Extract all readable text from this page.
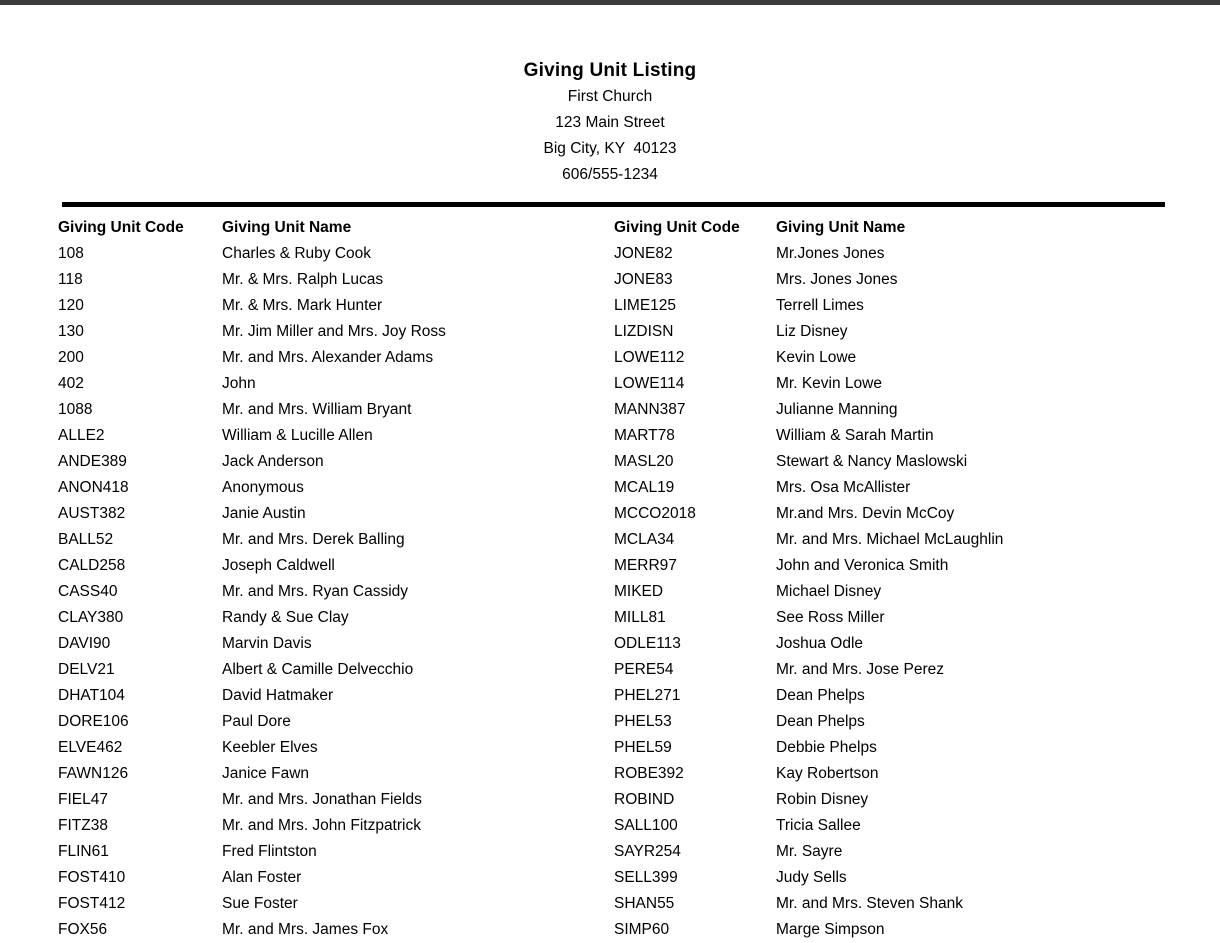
Giving Unit Listing
First Church
123 Main Street
Big City, KY  40123
606/555-1234
Giving Unit Code	Giving Unit Name
108	Charles & Ruby Cook
118	Mr. & Mrs. Ralph Lucas
120	Mr. & Mrs. Mark Hunter
130	Mr. Jim Miller and Mrs. Joy Ross
200	Mr. and Mrs. Alexander Adams
402	John
1088	Mr. and Mrs. William Bryant
ALLE2	William & Lucille Allen
ANDE389	Jack Anderson
ANON418	Anonymous
AUST382	Janie Austin
BALL52	Mr. and Mrs. Derek Balling
CALD258	Joseph Caldwell
CASS40	Mr. and Mrs. Ryan Cassidy
CLAY380	Randy & Sue Clay
DAVI90	Marvin Davis
DELV21	Albert & Camille Delvecchio
DHAT104	David Hatmaker
DORE106	Paul Dore
ELVE462	Keebler Elves
FAWN126	Janice Fawn
FIEL47	Mr. and Mrs. Jonathan Fields
FITZ38	Mr. and Mrs. John Fitzpatrick
FLIN61	Fred Flintston
FOST410	Alan Foster
FOST412	Sue Foster
FOX56	Mr. and Mrs. James Fox
Giving Unit Code	Giving Unit Name
JONE82	Mr.Jones Jones
JONE83	Mrs. Jones Jones
LIME125	Terrell Limes
LIZDISN	Liz Disney
LOWE112	Kevin Lowe
LOWE114	Mr. Kevin Lowe
MANN387	Julianne Manning
MART78	William & Sarah Martin
MASL20	Stewart & Nancy Maslowski
MCAL19	Mrs. Osa McAllister
MCCO2018	Mr.and Mrs. Devin McCoy
MCLA34	Mr. and Mrs. Michael McLaughlin
MERR97	John and Veronica Smith
MIKED	Michael Disney
MILL81	See Ross Miller
ODLE113	Joshua Odle
PERE54	Mr. and Mrs. Jose Perez
PHEL271	Dean Phelps
PHEL53	Dean Phelps
PHEL59	Debbie Phelps
ROBE392	Kay Robertson
ROBIND	Robin Disney
SALL100	Tricia Sallee
SAYR254	Mr. Sayre
SELL399	Judy Sells
SHAN55	Mr. and Mrs. Steven Shank
SIMP60	Marge Simpson
